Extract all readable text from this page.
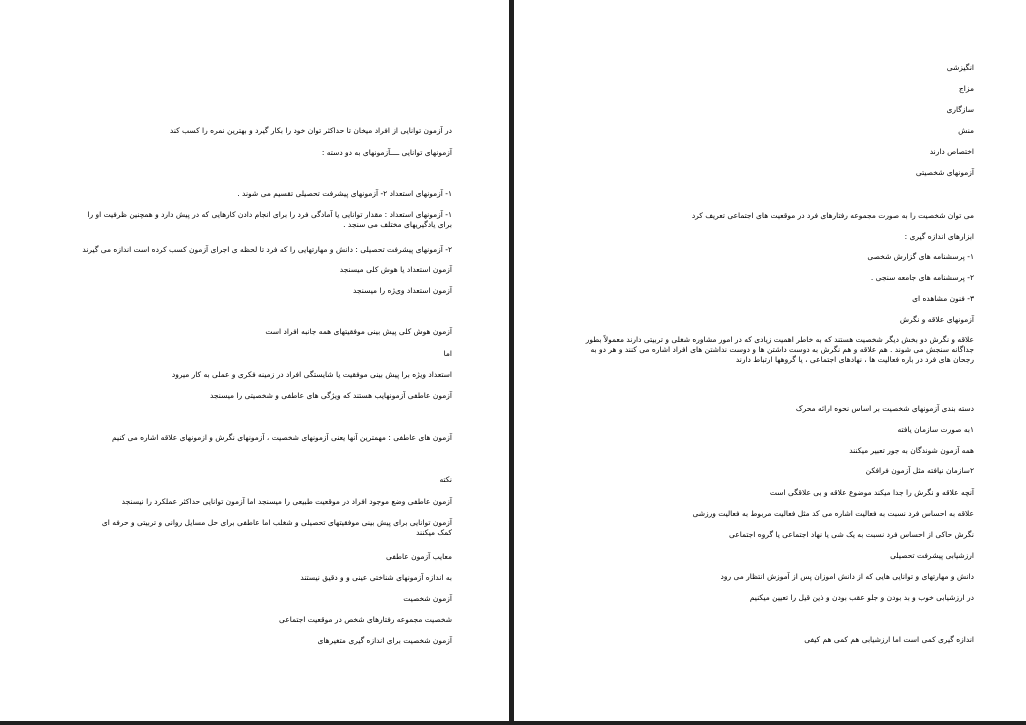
در آزمون توانایی از افراد میخان تا حداکثر توان خود را بکار گیرد و بهترین نمره را کسب کند
آزمونهای توانایی ــــآزمونهای به دو دسته :
۱- آزمونهای استعداد ۲- آزمونهای پیشرفت تحصیلی تقسیم می شوند .
۱- آزمونهای استعداد : مقدار توانایی یا آمادگی فرد را برای انجام دادن کارهایی که در پیش دارد و همچنین ظرفیت او را برای یادگیریهای مختلف می سنجد .
۲- آزمونهای پیشرفت تحصیلی : دانش و مهارتهایی را که فرد تا لحظه ی اجرای آزمون کسب کرده است اندازه می گیرند
آزمون استعداد یا هوش کلی میسنجد
آزمون استعداد وی‌ژه را میسنجد
آزمون هوش کلی پیش بینی موفقیتهای همه جانبه افراد است
اما
استعداد ویژه برا پیش بینی موفقیت یا شایستگی افراد در زمینه فکری و عملی به کار میرود
آزمون عاطفی آزمونهایب هستند که ویژگی های عاطفی و شخصیتی را میسنجد
آزمون های عاطفی : مهمترین آنها یعنی آزمونهای شخصیت ، آزمونهای نگرش و ازمونهای علاقه اشاره می کنیم
نکته
آزمون عاطفی وضع موجود افراد در موقعیت طبیعی را میسنجد اما آزمون توانایی حداکثر عملکرد را نیسنجد
آزمون توانایی برای پیش بینی موفقیتهای تحصیلی و شغلب اما عاطفی برای حل مسایل روانی و تربیتی و حرفه ای کمک میکنند
معایب آزمون عاطفی
به اندازه آزمونهای شناختی عینی و و دقیق نیستند
آزمون شخصیت
شخصیت مجموعه رفتارهای شخص در موقعیت اجتماعی
آزمون شخصیت برای اندازه گیری متغیرهای
انگیزشی
مزاج
سازگاری
منش
اختصاص دارند
آزمونهای شخصیتی
می توان شخصیت را به صورت مجموعه رفتارهای فرد در موقعیت های اجتماعی تعریف کرد
ابزارهای اندازه گیری :
۱- پرسشنامه های گزارش شخصی
۲- پرسشنامه های جامعه سنجی .
۳- فنون مشاهده ای
آزمونهای علاقه و نگرش
علاقه و نگرش دو بخش دیگر شخصیت هستند که به خاطر اهمیت زیادی که در امور مشاوره شغلی و تربیتی دارند معمولاً بطور جداگانه سنجش می شوند . هم علاقه و هم نگرش به دوست داشتن ها و دوست نداشتن های افراد اشاره می کنند و هر دو به رجحان های فرد در باره فعالیت ها ، نهادهای اجتماعی ، یا گروهها ارتباط دارند
دسته بندی آزمونهای شخصیت بر اساس نحوه ارائه محرک
۱به صورت سازمان یافته
همه آزمون شوندگان به جور تعبیر میکنند
۲سازمان نیافته مثل آزمون فرافکن
آنچه علاقه و نگرش را جدا میکند موضوع علاقه و بی علاقگی است
علاقه به احساس فرد نسبت به فعالیت اشاره می کد مثل فعالیت مربوط به فعالیت ورزشی
نگرش حاکی از احساس فرد نسبت به یک شی یا نهاد اجتماعی یا گروه اجتماعی
ارزشیابی پیشرفت تحصیلی
دانش و مهارتهای و توانایی هایی که از دانش اموزان پس از آموزش انتظار می رود
در ارزشیابی خوب و بد بودن و جلو عقب بودن و ذین قیل را تعیین میکنیم
اندازه گیری کمی است اما ارزشیابی هم کمی هم کیفی
